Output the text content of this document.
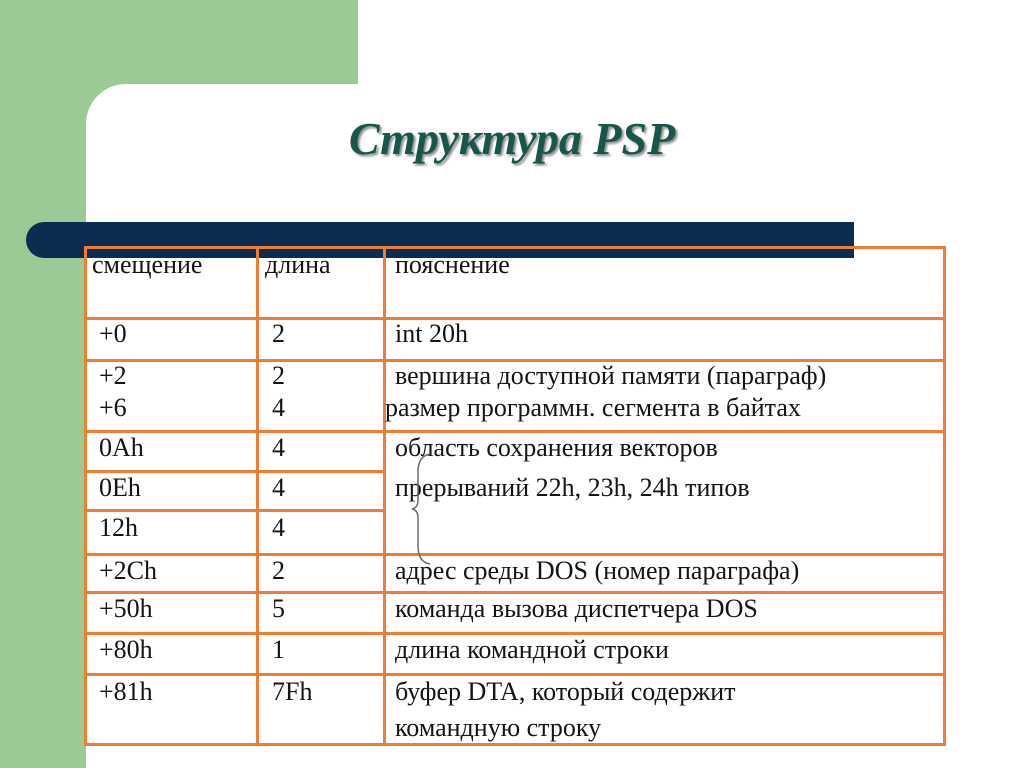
Структура PSP
смещение длина пояснение
+0	2	int 20h
+2	2	вершина доступной памяти (параграф)
+6	4	размер программн. сегмента в байтах
0Ah	4	область сохранения векторов
0Eh	4	прерываний 22h, 23h, 24h типов
12h	4
+2Ch	2	адрес среды DOS (номер параграфа)
+50h	5	команда вызова диспетчера DOS
+80h	1	длина командной строки
+81h	7Fh	буфер DTA, который содержит
командную строку
